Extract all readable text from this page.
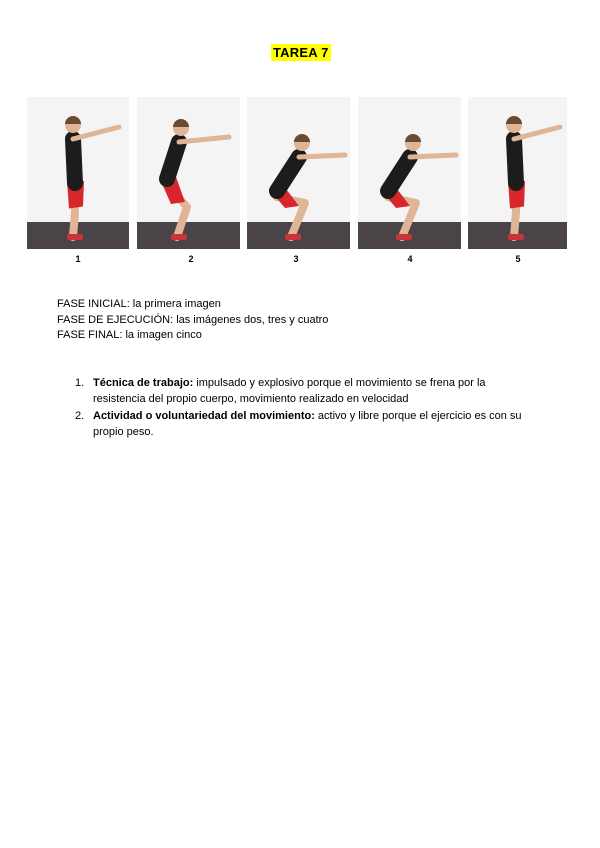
TAREA 7
1	2	3	4	5
FASE INICIAL: la primera imagen
FASE DE EJECUCIÓN: las imágenes dos, tres y cuatro
FASE FINAL: la imagen cinco
1. Técnica de trabajo: impulsado y explosivo porque el movimiento se frena por la resistencia del propio cuerpo, movimiento realizado en velocidad
2. Actividad o voluntariedad del movimiento: activo y libre porque el ejercicio es con su propio peso.
